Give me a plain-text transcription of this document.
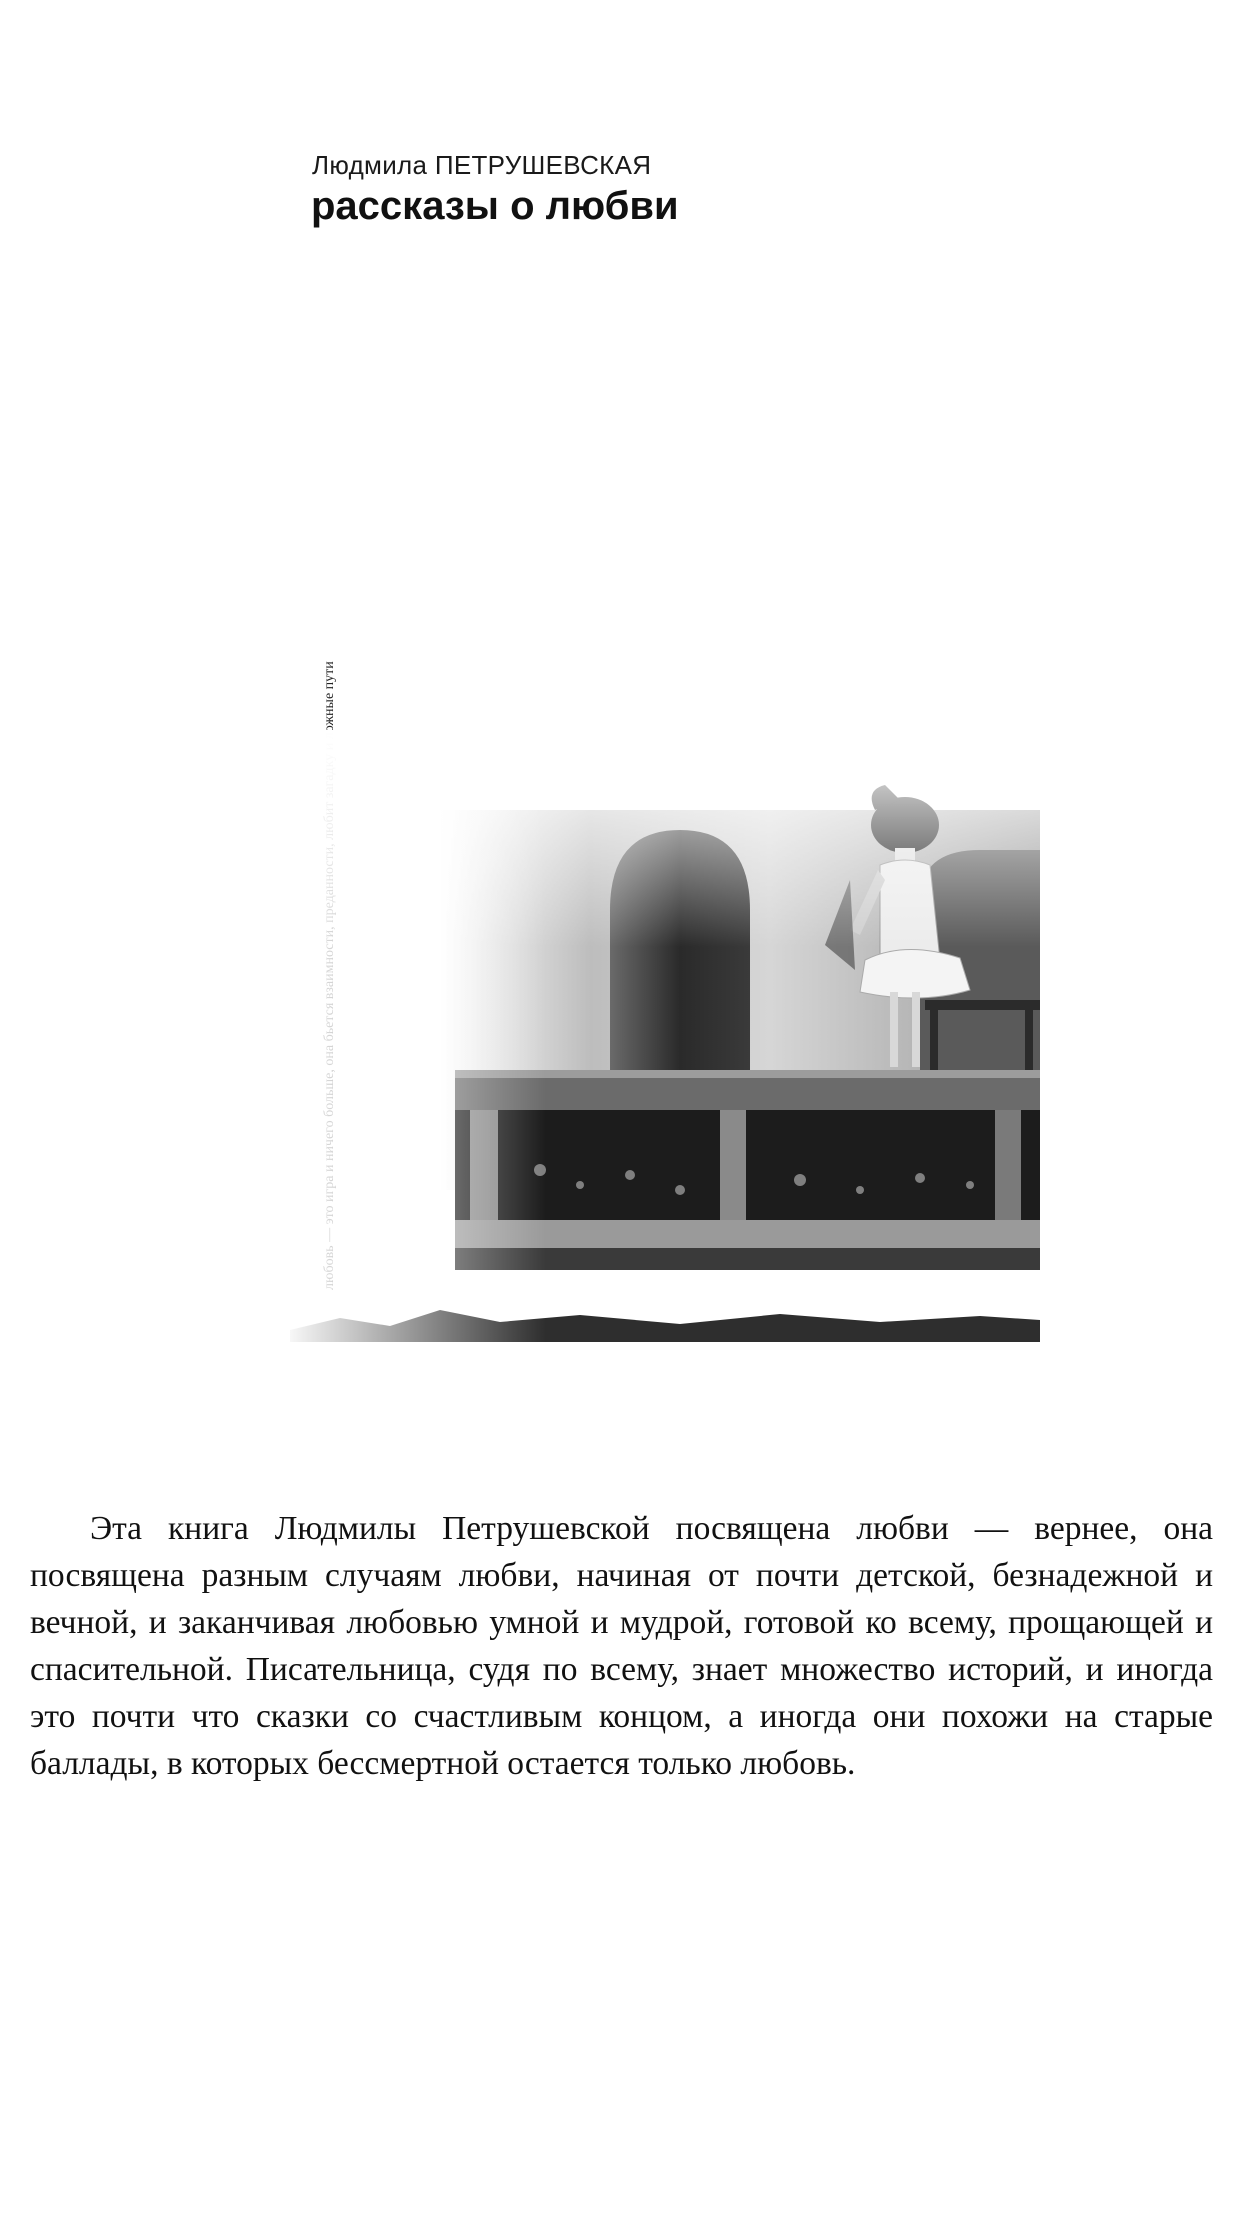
Людмила ПЕТРУШЕВСКАЯ
рассказы о любви

Эта книга Людмилы Петрушевской посвящена любви — вернее, она посвящена разным случаям любви, начиная от почти детской, безнадежной и вечной, и заканчивая любовью умной и мудрой, готовой ко всему, прощающей и спасительной. Писательница, судя по всему, знает множество историй, и иногда это почти что сказки со счастливым концом, а иногда они похожи на старые баллады, в которых бессмертной остается только любовь.
